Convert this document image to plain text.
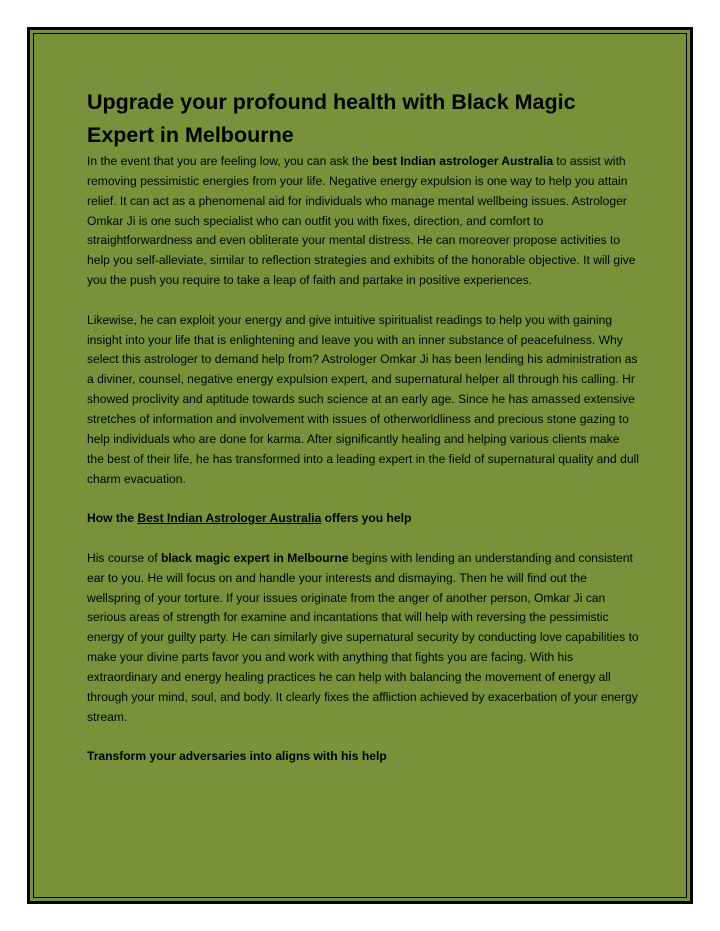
Upgrade your profound health with Black Magic
Expert in Melbourne

In the event that you are feeling low, you can ask the best Indian astrologer Australia to assist with removing pessimistic energies from your life. Negative energy expulsion is one way to help you attain relief. It can act as a phenomenal aid for individuals who manage mental wellbeing issues. Astrologer Omkar Ji is one such specialist who can outfit you with fixes, direction, and comfort to straightforwardness and even obliterate your mental distress. He can moreover propose activities to help you self-alleviate, similar to reflection strategies and exhibits of the honorable objective. It will give you the push you require to take a leap of faith and partake in positive experiences.

Likewise, he can exploit your energy and give intuitive spiritualist readings to help you with gaining insight into your life that is enlightening and leave you with an inner substance of peacefulness. Why select this astrologer to demand help from? Astrologer Omkar Ji has been lending his administration as a diviner, counsel, negative energy expulsion expert, and supernatural helper all through his calling. Hr showed proclivity and aptitude towards such science at an early age. Since he has amassed extensive stretches of information and involvement with issues of otherworldliness and precious stone gazing to help individuals who are done for karma. After significantly healing and helping various clients make the best of their life, he has transformed into a leading expert in the field of supernatural quality and dull charm evacuation.

How the Best Indian Astrologer Australia offers you help

His course of black magic expert in Melbourne begins with lending an understanding and consistent ear to you. He will focus on and handle your interests and dismaying. Then he will find out the wellspring of your torture. If your issues originate from the anger of another person, Omkar Ji can serious areas of strength for examine and incantations that will help with reversing the pessimistic energy of your guilty party. He can similarly give supernatural security by conducting love capabilities to make your divine parts favor you and work with anything that fights you are facing. With his extraordinary and energy healing practices he can help with balancing the movement of energy all through your mind, soul, and body. It clearly fixes the affliction achieved by exacerbation of your energy stream.

Transform your adversaries into aligns with his help
